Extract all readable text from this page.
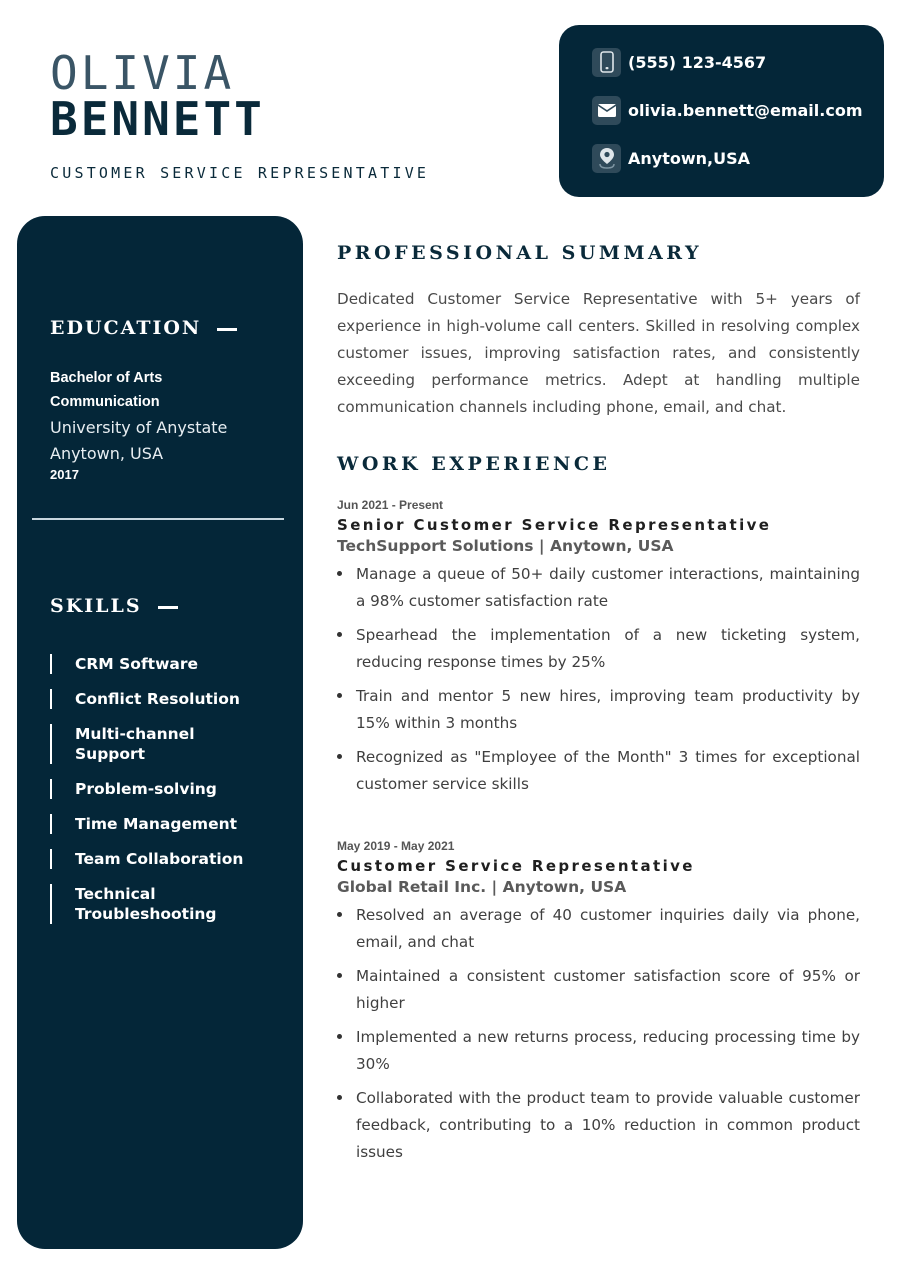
OLIVIA
BENNETT
CUSTOMER SERVICE REPRESENTATIVE
(555) 123-4567
olivia.bennett@email.com
Anytown,USA
EDUCATION
Bachelor of Arts
Communication
University of Anystate
Anytown, USA
2017
SKILLS
CRM Software
Conflict Resolution
Multi-channel Support
Problem-solving
Time Management
Team Collaboration
Technical Troubleshooting
PROFESSIONAL SUMMARY
Dedicated Customer Service Representative with 5+ years of experience in high-volume call centers. Skilled in resolving complex customer issues, improving satisfaction rates, and consistently exceeding performance metrics. Adept at handling multiple communication channels including phone, email, and chat.
WORK EXPERIENCE
Jun 2021 - Present
Senior Customer Service Representative
TechSupport Solutions | Anytown, USA
Manage a queue of 50+ daily customer interactions, maintaining a 98% customer satisfaction rate
Spearhead the implementation of a new ticketing system, reducing response times by 25%
Train and mentor 5 new hires, improving team productivity by 15% within 3 months
Recognized as "Employee of the Month" 3 times for exceptional customer service skills
May 2019 - May 2021
Customer Service Representative
Global Retail Inc. | Anytown, USA
Resolved an average of 40 customer inquiries daily via phone, email, and chat
Maintained a consistent customer satisfaction score of 95% or higher
Implemented a new returns process, reducing processing time by 30%
Collaborated with the product team to provide valuable customer feedback, contributing to a 10% reduction in common product issues
